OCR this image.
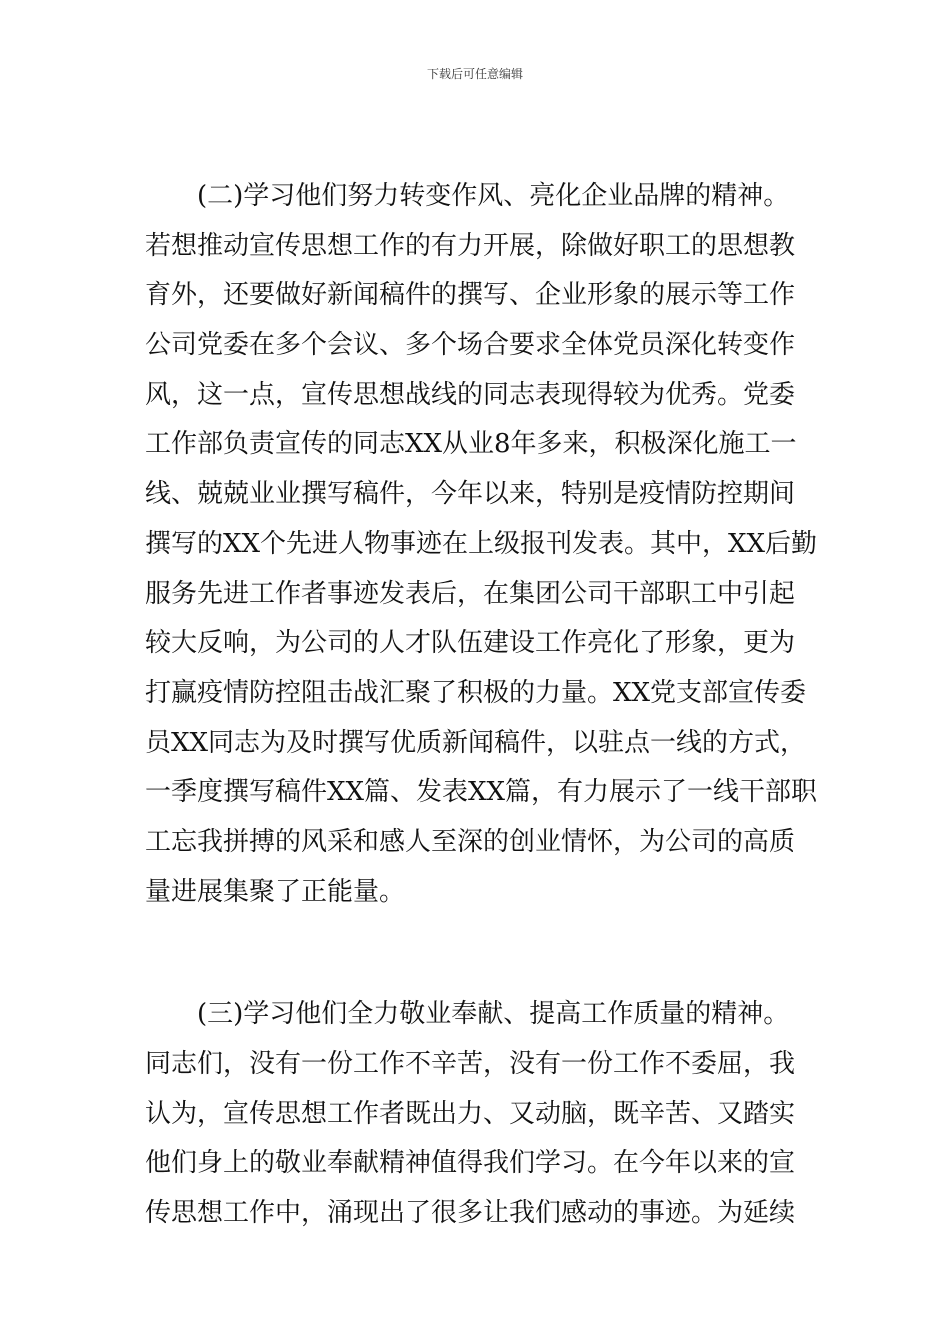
下载后可任意编辑
(二)学习他们努力转变作风、亮化企业品牌的精神。
若想推动宣传思想工作的有力开展，除做好职工的思想教
育外，还要做好新闻稿件的撰写、企业形象的展示等工作
公司党委在多个会议、多个场合要求全体党员深化转变作
风，这一点，宣传思想战线的同志表现得较为优秀。党委
工作部负责宣传的同志XX从业8年多来，积极深化施工一
线、兢兢业业撰写稿件，今年以来，特别是疫情防控期间
撰写的XX个先进人物事迹在上级报刊发表。其中，XX后勤
服务先进工作者事迹发表后，在集团公司干部职工中引起
较大反响，为公司的人才队伍建设工作亮化了形象，更为
打赢疫情防控阻击战汇聚了积极的力量。XX党支部宣传委
员XX同志为及时撰写优质新闻稿件，以驻点一线的方式，
一季度撰写稿件XX篇、发表XX篇，有力展示了一线干部职
工忘我拼搏的风采和感人至深的创业情怀，为公司的高质
量进展集聚了正能量。
(三)学习他们全力敬业奉献、提高工作质量的精神。
同志们，没有一份工作不辛苦，没有一份工作不委屈，我
认为，宣传思想工作者既出力、又动脑，既辛苦、又踏实
他们身上的敬业奉献精神值得我们学习。在今年以来的宣
传思想工作中，涌现出了很多让我们感动的事迹。为延续
